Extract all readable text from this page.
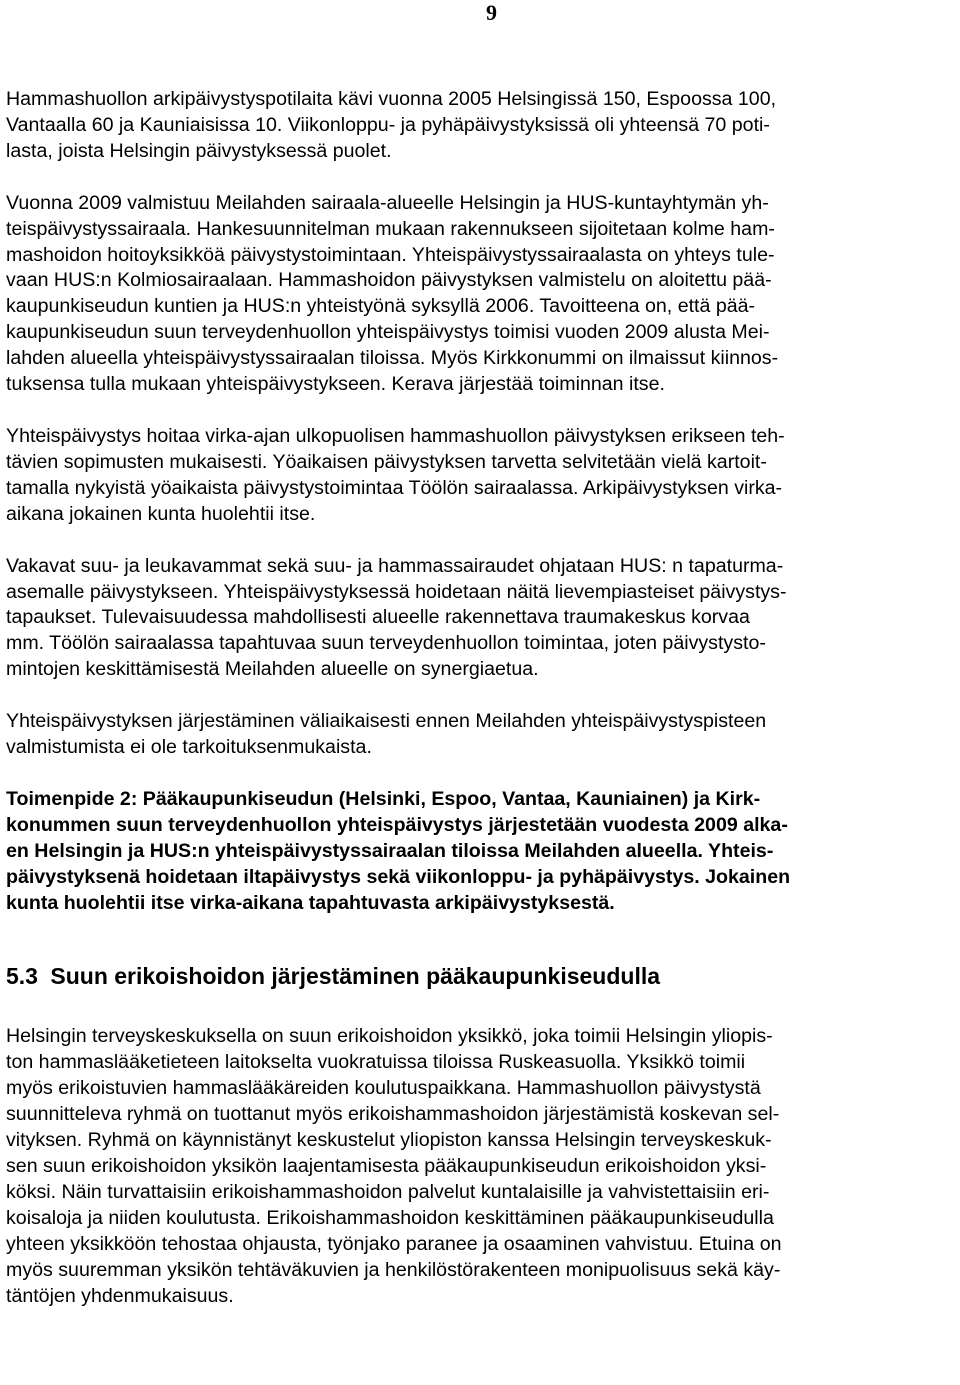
9

Hammashuollon arkipäivystyspotilaita kävi vuonna 2005 Helsingissä 150, Espoossa 100,
Vantaalla 60 ja Kauniaisissa 10. Viikonloppu- ja pyhäpäivystyksissä oli yhteensä 70 poti-
lasta, joista Helsingin päivystyksessä puolet.

Vuonna 2009 valmistuu Meilahden sairaala-alueelle Helsingin ja HUS-kuntayhtymän yh-
teispäivystyssairaala. Hankesuunnitelman mukaan rakennukseen sijoitetaan kolme ham-
mashoidon hoitoyksikköä päivystystoimintaan. Yhteispäivystyssairaalasta on yhteys tule-
vaan HUS:n Kolmiosairaalaan. Hammashoidon päivystyksen valmistelu on aloitettu pää-
kaupunkiseudun kuntien ja HUS:n yhteistyönä syksyllä 2006. Tavoitteena on, että pää-
kaupunkiseudun suun terveydenhuollon yhteispäivystys toimisi vuoden 2009 alusta Mei-
lahden alueella yhteispäivystyssairaalan tiloissa. Myös Kirkkonummi on ilmaissut kiinnos-
tuksensa tulla mukaan yhteispäivystykseen. Kerava järjestää toiminnan itse.

Yhteispäivystys hoitaa virka-ajan ulkopuolisen hammashuollon päivystyksen erikseen teh-
tävien sopimusten mukaisesti. Yöaikaisen päivystyksen tarvetta selvitetään vielä kartoit-
tamalla nykyistä yöaikaista päivystystoimintaa Töölön sairaalassa. Arkipäivystyksen virka-
aikana jokainen kunta huolehtii itse.

Vakavat suu- ja leukavammat sekä suu- ja hammassairaudet ohjataan HUS: n tapaturma-
asemalle päivystykseen. Yhteispäivystyksessä hoidetaan näitä lievempiasteiset päivystys-
tapaukset. Tulevaisuudessa mahdollisesti alueelle rakennettava traumakeskus korvaa
mm. Töölön sairaalassa tapahtuvaa suun terveydenhuollon toimintaa, joten päivystysto-
mintojen keskittämisestä Meilahden alueelle on synergiaetua.

Yhteispäivystyksen järjestäminen väliaikaisesti ennen Meilahden yhteispäivystyspisteen
valmistumista ei ole tarkoituksenmukaista.

Toimenpide 2: Pääkaupunkiseudun (Helsinki, Espoo, Vantaa, Kauniainen) ja Kirk-
konummen suun terveydenhuollon yhteispäivystys järjestetään vuodesta 2009 alka-
en Helsingin ja HUS:n yhteispäivystyssairaalan tiloissa Meilahden alueella. Yhteis-
päivystyksenä hoidetaan iltapäivystys sekä viikonloppu- ja pyhäpäivystys. Jokainen
kunta huolehtii itse virka-aikana tapahtuvasta arkipäivystyksestä.

5.3 Suun erikoishoidon järjestäminen pääkaupunkiseudulla

Helsingin terveyskeskuksella on suun erikoishoidon yksikkö, joka toimii Helsingin yliopis-
ton hammaslääketieteen laitokselta vuokratuissa tiloissa Ruskeasuolla. Yksikkö toimii
myös erikoistuvien hammaslääkäreiden koulutuspaikkana. Hammashuollon päivystystä
suunnitteleva ryhmä on tuottanut myös erikoishammashoidon järjestämistä koskevan sel-
vityksen. Ryhmä on käynnistänyt keskustelut yliopiston kanssa Helsingin terveyskeskuk-
sen suun erikoishoidon yksikön laajentamisesta pääkaupunkiseudun erikoishoidon yksi-
köksi. Näin turvattaisiin erikoishammashoidon palvelut kuntalaisille ja vahvistettaisiin eri-
koisaloja ja niiden koulutusta. Erikoishammashoidon keskittäminen pääkaupunkiseudulla
yhteen yksikköön tehostaa ohjausta, työnjako paranee ja osaaminen vahvistuu. Etuina on
myös suuremman yksikön tehtäväkuvien ja henkilöstörakenteen monipuolisuus sekä käy-
täntöjen yhdenmukaisuus.
